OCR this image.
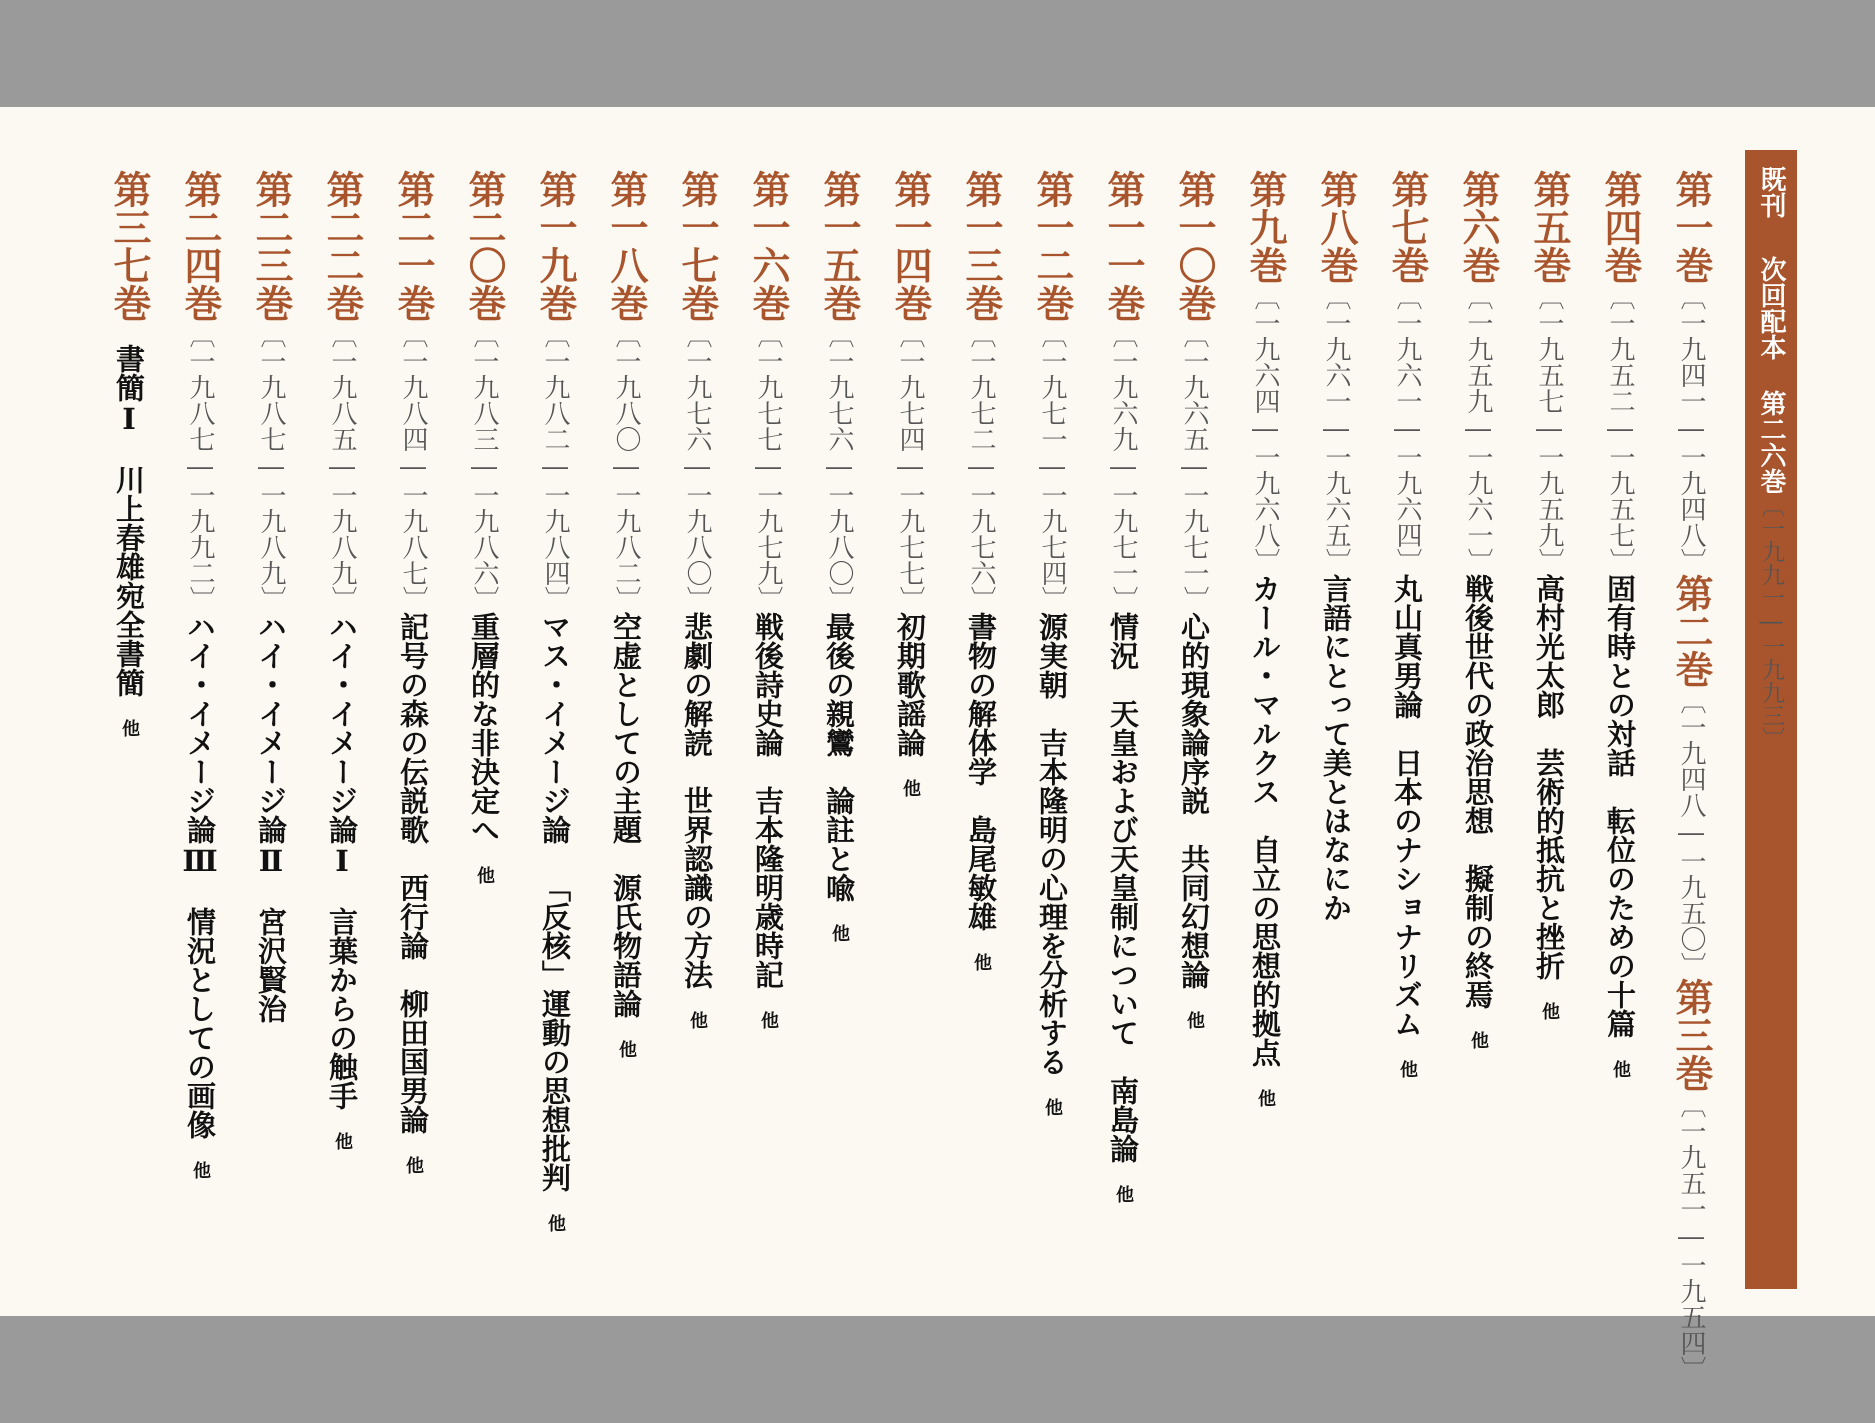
既刊次回配本第二六巻〔一九九一―一九九三〕
第一巻〔一九四一―一九四八〕第二巻〔一九四八―一九五〇〕第三巻〔一九五一―一九五四〕
第四巻〔一九五二―一九五七〕固有時との対話転位のための十篇他
第五巻〔一九五七―一九五九〕高村光太郎芸術的抵抗と挫折他
第六巻〔一九五九―一九六一〕戦後世代の政治思想擬制の終焉他
第七巻〔一九六一―一九六四〕丸山真男論日本のナショナリズム他
第八巻〔一九六一―一九六五〕言語にとって美とはなにか
第九巻〔一九六四―一九六八〕カール・マルクス自立の思想的拠点他
第一〇巻〔一九六五―一九七一〕心的現象論序説共同幻想論他
第一一巻〔一九六九―一九七一〕情況天皇および天皇制について南島論他
第一二巻〔一九七一―一九七四〕源実朝吉本隆明の心理を分析する他
第一三巻〔一九七二―一九七六〕書物の解体学島尾敏雄他
第一四巻〔一九七四―一九七七〕初期歌謡論他
第一五巻〔一九七六―一九八〇〕最後の親鸞論註と喩他
第一六巻〔一九七七―一九七九〕戦後詩史論吉本隆明歳時記他
第一七巻〔一九七六―一九八〇〕悲劇の解読世界認識の方法他
第一八巻〔一九八〇―一九八二〕空虚としての主題源氏物語論他
第一九巻〔一九八二―一九八四〕マス・イメージ論「反核」運動の思想批判他
第二〇巻〔一九八三―一九八六〕重層的な非決定へ他
第二一巻〔一九八四―一九八七〕記号の森の伝説歌西行論柳田国男論他
第二二巻〔一九八五―一九八九〕ハイ・イメージ論Ⅰ言葉からの触手他
第二三巻〔一九八七―一九八九〕ハイ・イメージ論Ⅱ宮沢賢治
第二四巻〔一九八七―一九九二〕ハイ・イメージ論Ⅲ情況としての画像他
第三七巻書簡Ⅰ川上春雄宛全書簡他
